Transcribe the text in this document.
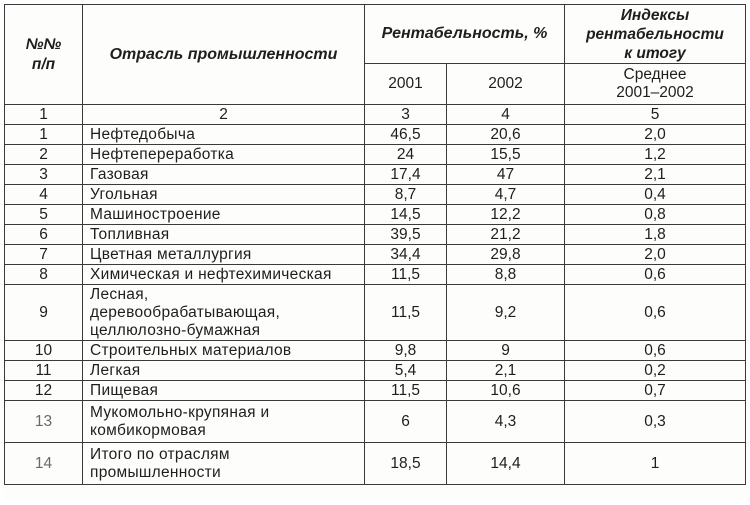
№№
п/п	Отрасль промышленности	Рентабельность, %		Индексы
рентабельности
к итогу

		2001	2002	Среднее
2001–2002

1	2	3	4	5
1	Нефтедобыча	46,5	20,6	2,0
2	Нефтепереработка	24	15,5	1,2
3	Газовая	17,4	47	2,1
4	Угольная	8,7	4,7	0,4
5	Машиностроение	14,5	12,2	0,8
6	Топливная	39,5	21,2	1,8
7	Цветная металлургия	34,4	29,8	2,0
8	Химическая и нефтехимическая	11,5	8,8	0,6
9	Лесная,
деревообрабатывающая,
целлюлозно-бумажная	11,5	9,2	0,6
10	Строительных материалов	9,8	9	0,6
11	Легкая	5,4	2,1	0,2
12	Пищевая	11,5	10,6	0,7
13	Мукомольно-крупяная и
комбикормовая	6	4,3	0,3
14	Итого по отраслям
промышленности	18,5	14,4	1
